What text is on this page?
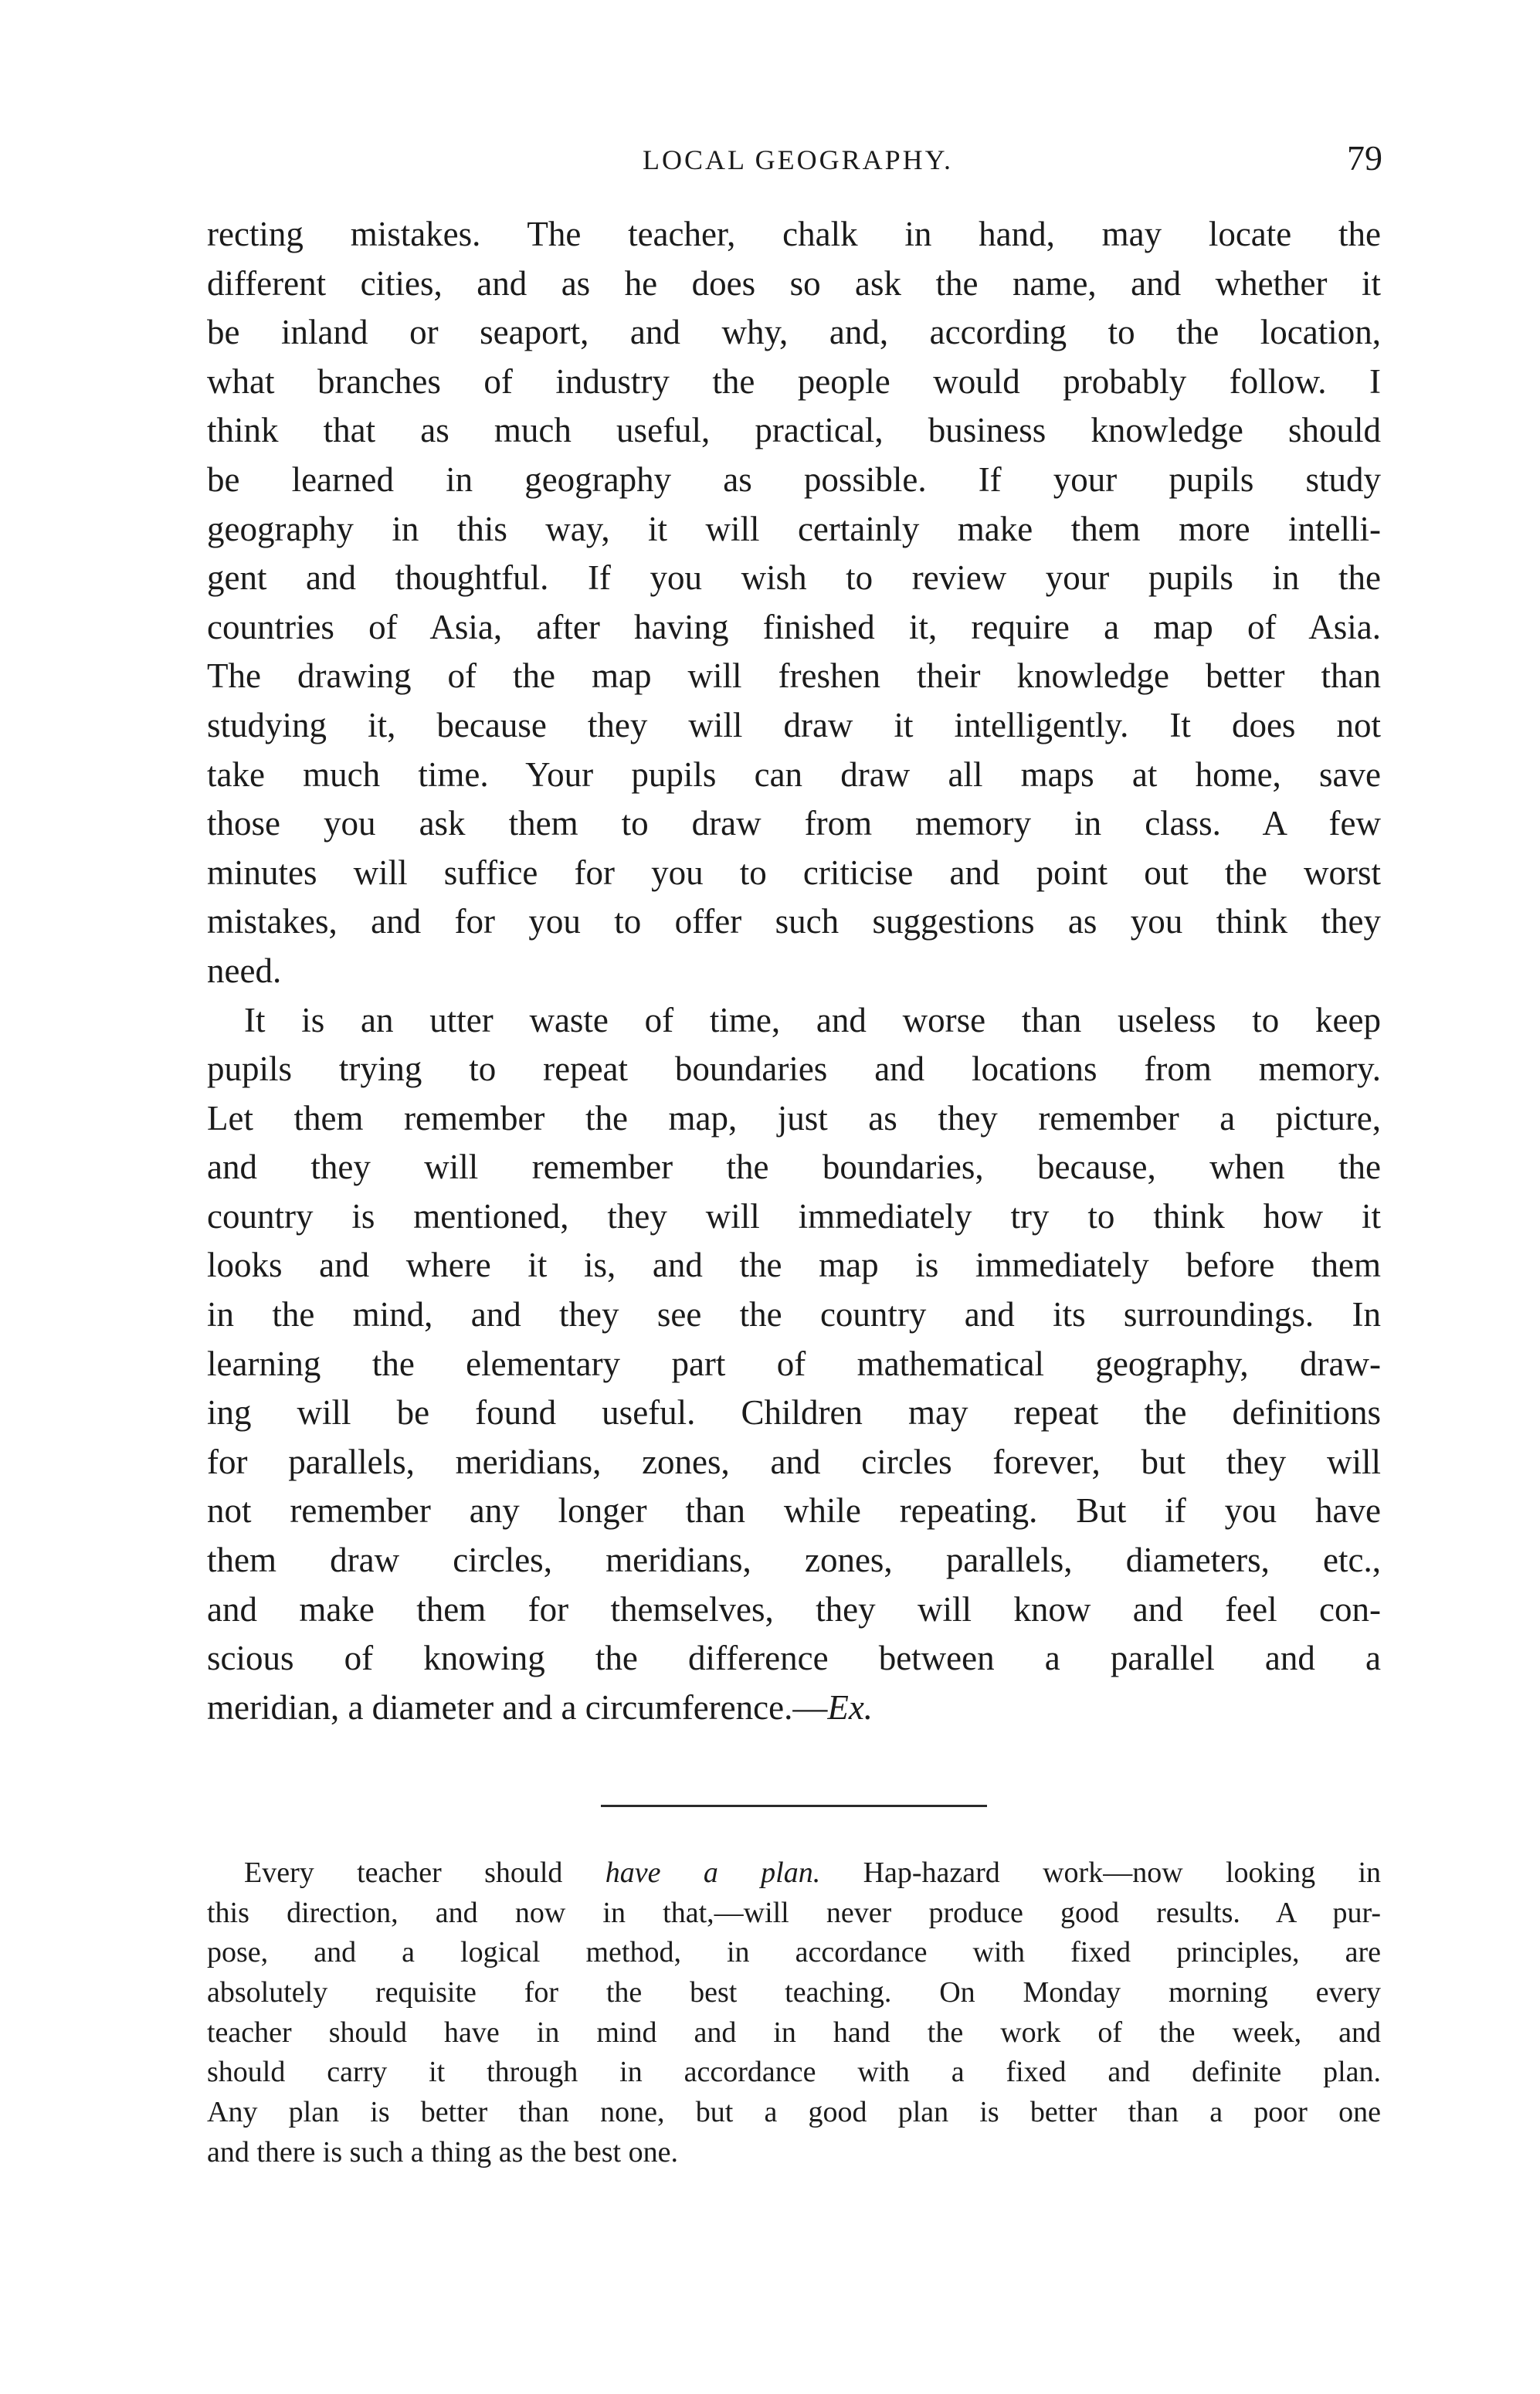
LOCAL GEOGRAPHY.	79
recting mistakes. The teacher, chalk in hand, may locate the
different cities, and as he does so ask the name, and whether it
be inland or seaport, and why, and, according to the location,
what branches of industry the people would probably follow. I
think that as much useful, practical, business knowledge should
be learned in geography as possible. If your pupils study
geography in this way, it will certainly make them more intelli-
gent and thoughtful. If you wish to review your pupils in the
countries of Asia, after having finished it, require a map of Asia.
The drawing of the map will freshen their knowledge better than
studying it, because they will draw it intelligently. It does not
take much time. Your pupils can draw all maps at home, save
those you ask them to draw from memory in class. A few
minutes will suffice for you to criticise and point out the worst
mistakes, and for you to offer such suggestions as you think they
need.
It is an utter waste of time, and worse than useless to keep
pupils trying to repeat boundaries and locations from memory.
Let them remember the map, just as they remember a picture,
and they will remember the boundaries, because, when the
country is mentioned, they will immediately try to think how it
looks and where it is, and the map is immediately before them
in the mind, and they see the country and its surroundings. In
learning the elementary part of mathematical geography, draw-
ing will be found useful. Children may repeat the definitions
for parallels, meridians, zones, and circles forever, but they will
not remember any longer than while repeating. But if you have
them draw circles, meridians, zones, parallels, diameters, etc.,
and make them for themselves, they will know and feel con-
scious of knowing the difference between a parallel and a
meridian, a diameter and a circumference.—Ex.
Every teacher should have a plan. Hap-hazard work—now looking in
this direction, and now in that,—will never produce good results. A pur-
pose, and a logical method, in accordance with fixed principles, are
absolutely requisite for the best teaching. On Monday morning every
teacher should have in mind and in hand the work of the week, and
should carry it through in accordance with a fixed and definite plan.
Any plan is better than none, but a good plan is better than a poor one
and there is such a thing as the best one.
